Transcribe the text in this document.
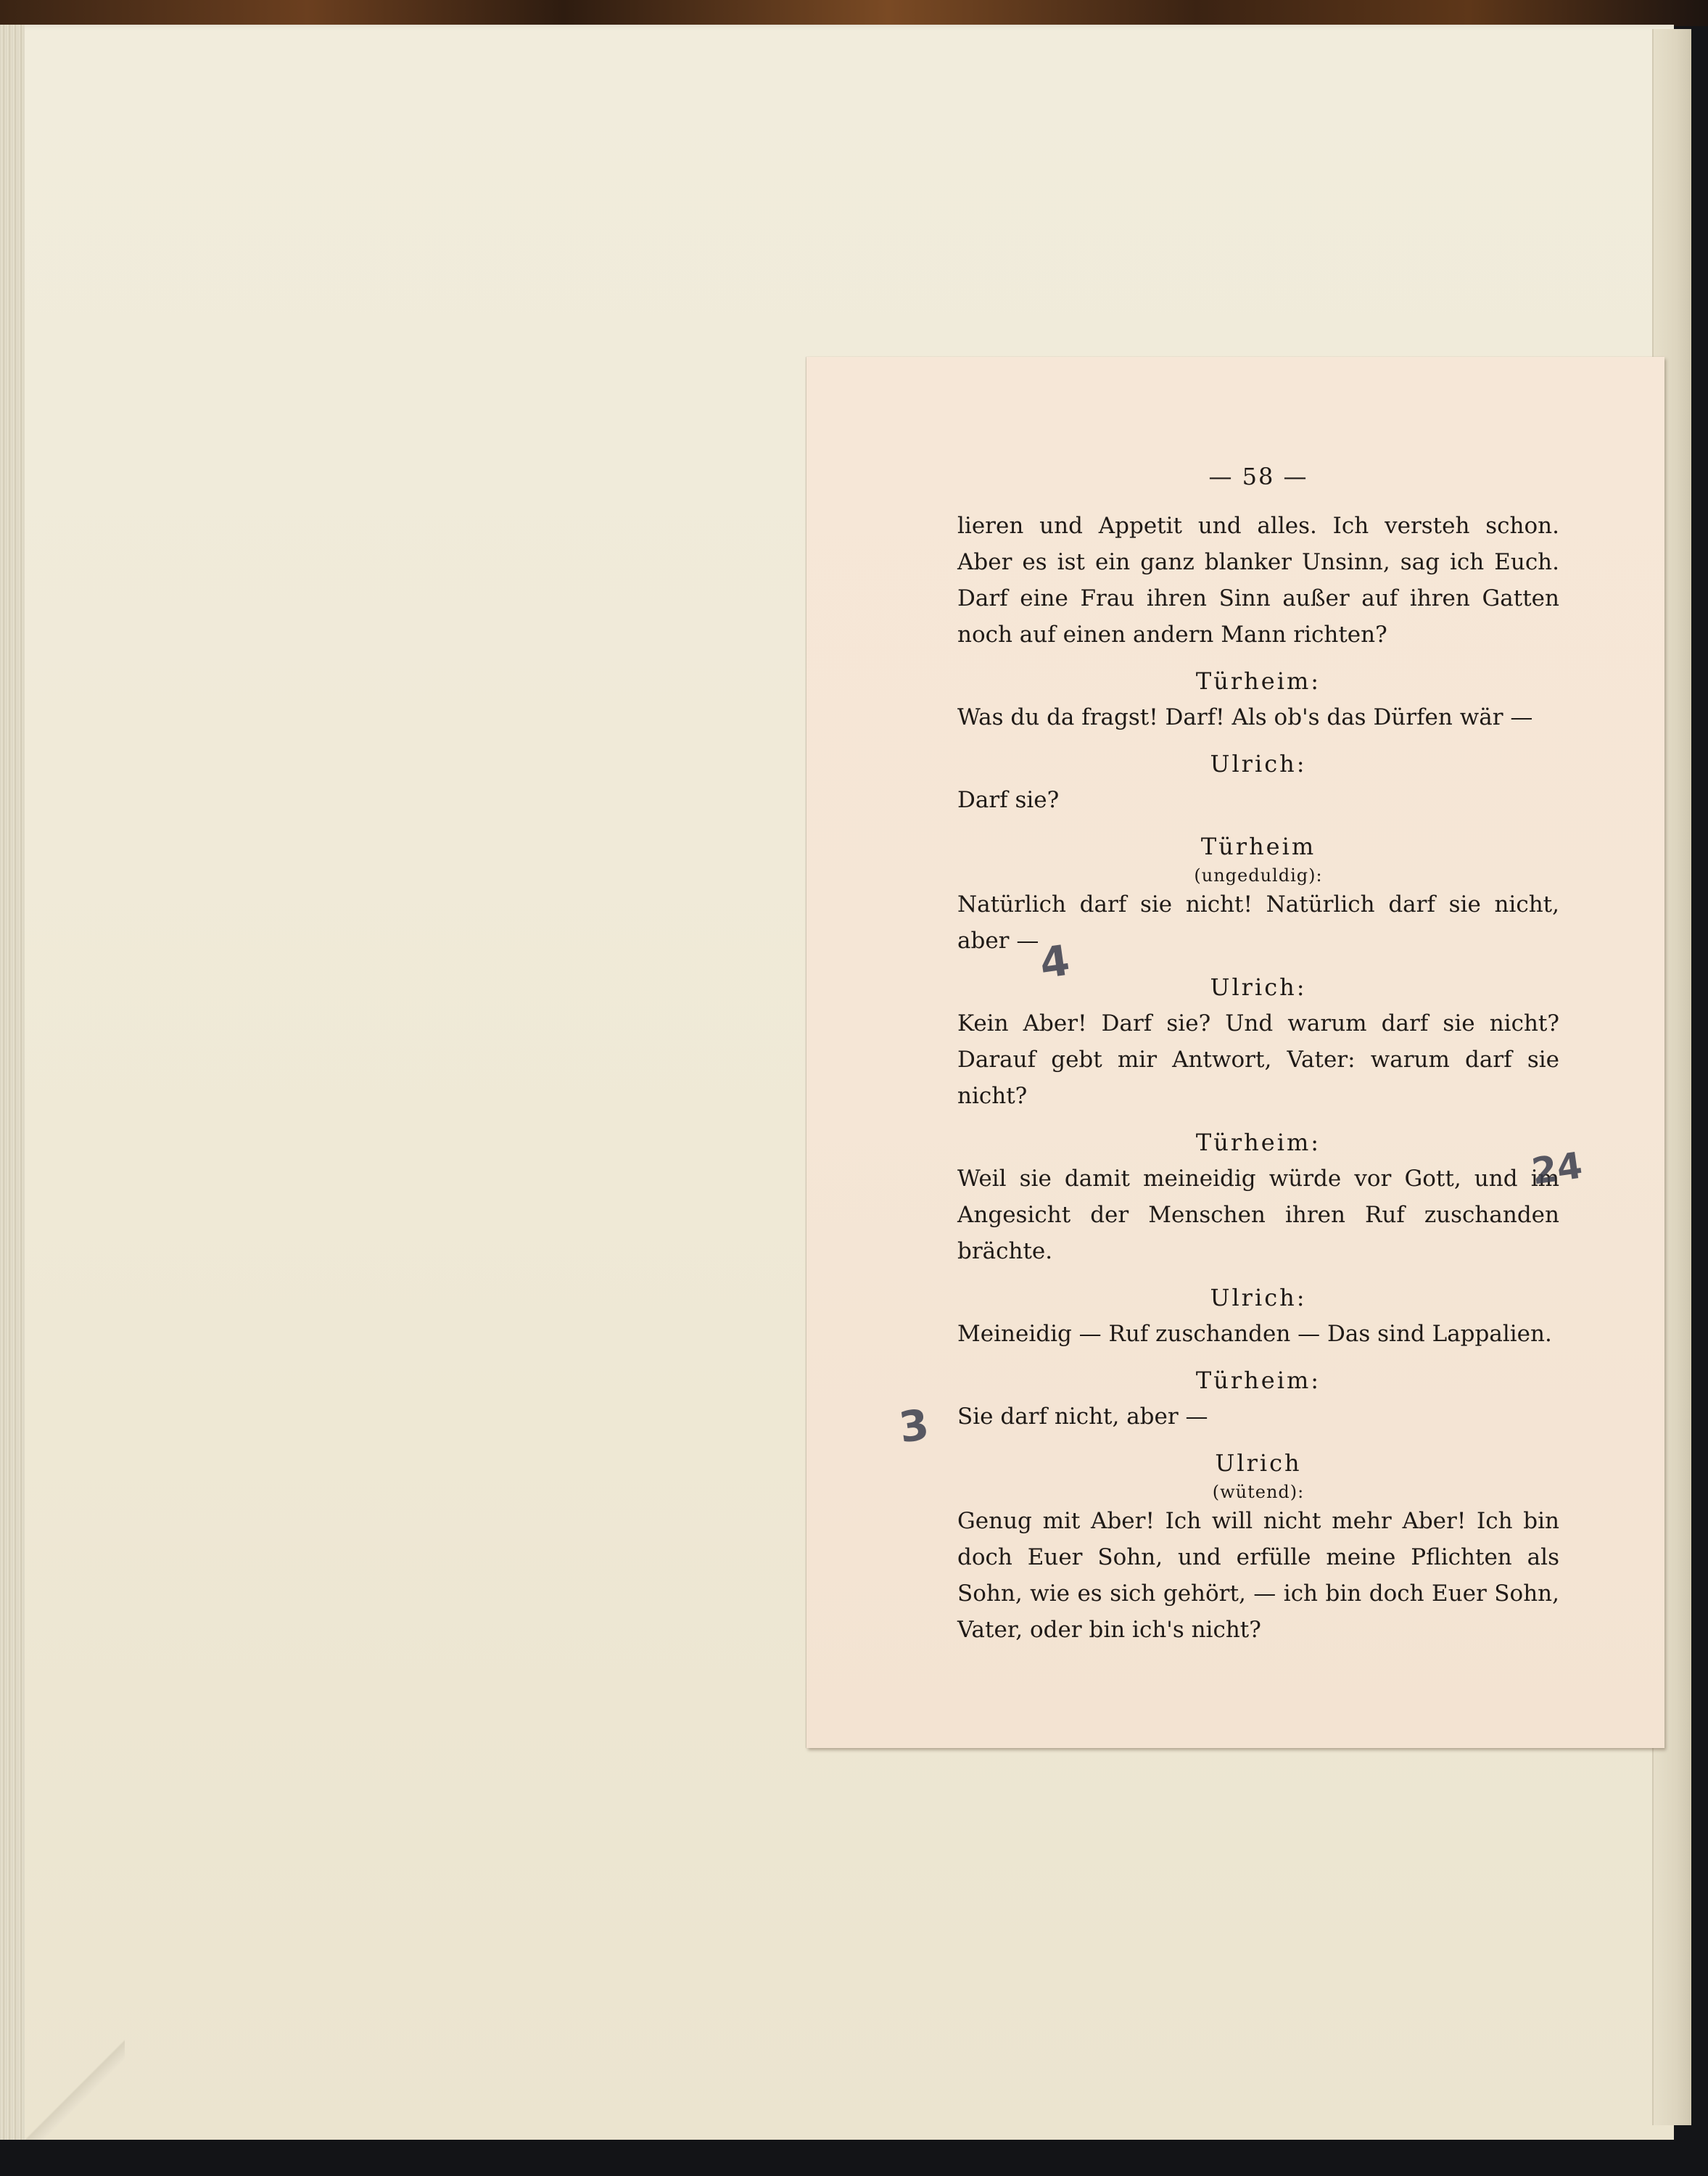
— 58 —
lieren und Appetit und alles. Ich versteh schon. Aber es ist ein ganz blanker Unsinn, sag ich Euch. Darf eine Frau ihren Sinn außer auf ihren Gatten noch auf einen andern Mann richten?
Türheim:
Was du da fragst! Darf! Als ob's das Dürfen wär —
Ulrich:
Darf sie?
Türheim
(ungeduldig):
Natürlich darf sie nicht! Natürlich darf sie nicht, aber —
Ulrich:
Kein Aber! Darf sie? Und warum darf sie nicht? Darauf gebt mir Antwort, Vater: warum darf sie nicht?
Türheim:
Weil sie damit meineidig würde vor Gott, und im Angesicht der Menschen ihren Ruf zuschanden brächte.
Ulrich:
Meineidig — Ruf zuschanden — Das sind Lappalien.
Türheim:
Sie darf nicht, aber —
Ulrich
(wütend):
Genug mit Aber! Ich will nicht mehr Aber! Ich bin doch Euer Sohn, und erfülle meine Pflichten als Sohn, wie es sich gehört, — ich bin doch Euer Sohn, Vater, oder bin ich's nicht?
4
24
3
